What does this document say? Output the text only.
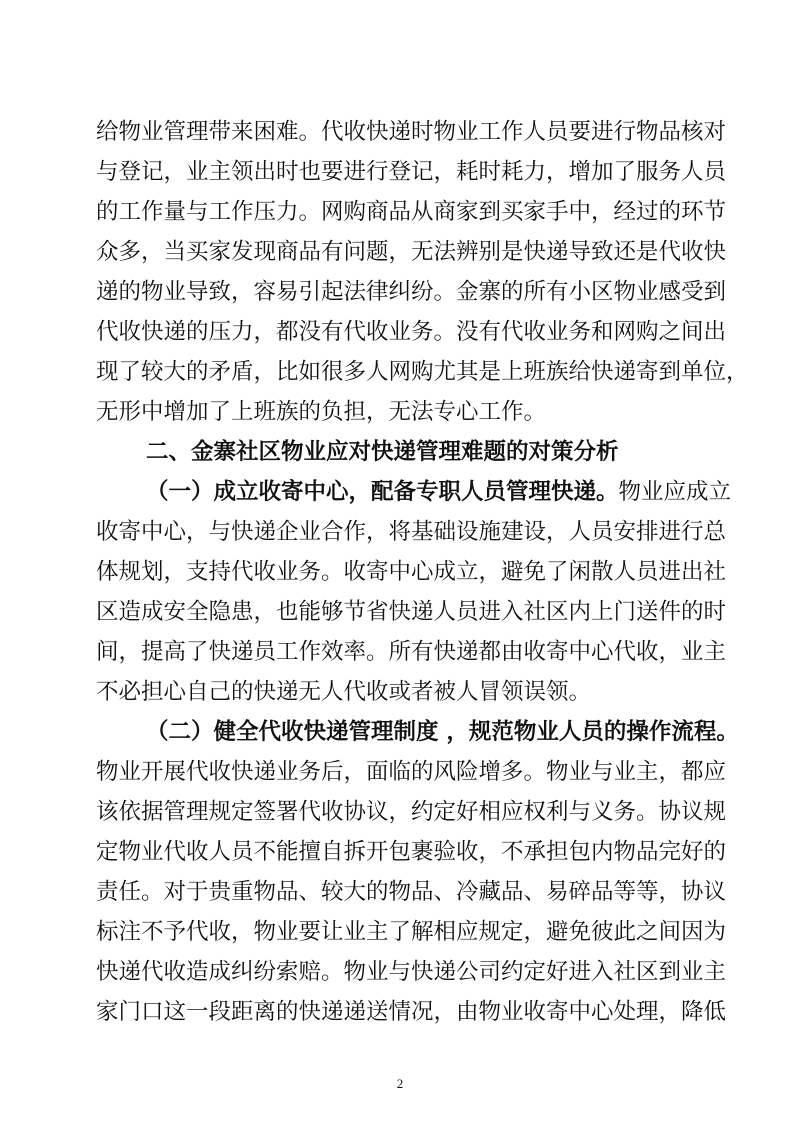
给物业管理带来困难。代收快递时物业工作人员要进行物品核对
与登记，业主领出时也要进行登记，耗时耗力，增加了服务人员
的工作量与工作压力。网购商品从商家到买家手中，经过的环节
众多，当买家发现商品有问题，无法辨别是快递导致还是代收快
递的物业导致，容易引起法律纠纷。金寨的所有小区物业感受到
代收快递的压力，都没有代收业务。没有代收业务和网购之间出
现了较大的矛盾，比如很多人网购尤其是上班族给快递寄到单位，
无形中增加了上班族的负担，无法专心工作。
二、金寨社区物业应对快递管理难题的对策分析
（一）成立收寄中心，配备专职人员管理快递。物业应成立
收寄中心，与快递企业合作，将基础设施建设，人员安排进行总
体规划，支持代收业务。收寄中心成立，避免了闲散人员进出社
区造成安全隐患，也能够节省快递人员进入社区内上门送件的时
间，提高了快递员工作效率。所有快递都由收寄中心代收，业主
不必担心自己的快递无人代收或者被人冒领误领。
（二）健全代收快递管理制度 ，规范物业人员的操作流程。
物业开展代收快递业务后，面临的风险增多。物业与业主，都应
该依据管理规定签署代收协议，约定好相应权利与义务。协议规
定物业代收人员不能擅自拆开包裹验收，不承担包内物品完好的
责任。对于贵重物品、较大的物品、冷藏品、易碎品等等，协议
标注不予代收，物业要让业主了解相应规定，避免彼此之间因为
快递代收造成纠纷索赔。物业与快递公司约定好进入社区到业主
家门口这一段距离的快递递送情况，由物业收寄中心处理，降低
2
